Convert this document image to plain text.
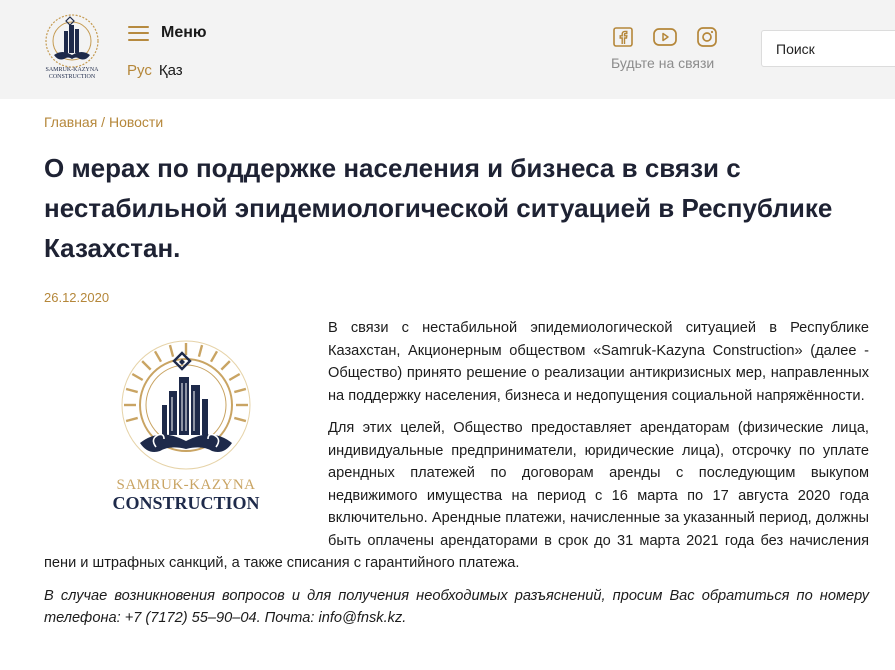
SAMRUK-KAZYNA
CONSTRUCTION
Меню
Рус Қаз	Будьте на связи
Поиск
Главная / Новости
О мерах по поддержке населения и бизнеса в связи с нестабильной эпидемиологической ситуацией в Республике Казахстан.
26.12.2020
SAMRUK-KAZYNA
CONSTRUCTION

В связи с нестабильной эпидемиологической ситуацией в Республике Казахстан, Акционерным обществом «Samruk-Kazyna Construction» (далее - Общество) принято решение о реализации антикризисных мер, направленных на поддержку населения, бизнеса и недопущения социальной напряжённости.

Для этих целей, Общество предоставляет арендаторам (физические лица, индивидуальные предприниматели, юридические лица), отсрочку по уплате арендных платежей по договорам аренды с последующим выкупом недвижимого имущества на период с 16 марта по 17 августа 2020 года включительно. Арендные платежи, начисленные за указанный период, должны быть оплачены арендаторами в срок до 31 марта 2021 года без начисления пени и штрафных санкций, а также списания с гарантийного платежа.

В случае возникновения вопросов и для получения необходимых разъяснений, просим Вас обратиться по номеру телефона: +7 (7172) 55–90–04. Почта: info@fnsk.kz.
